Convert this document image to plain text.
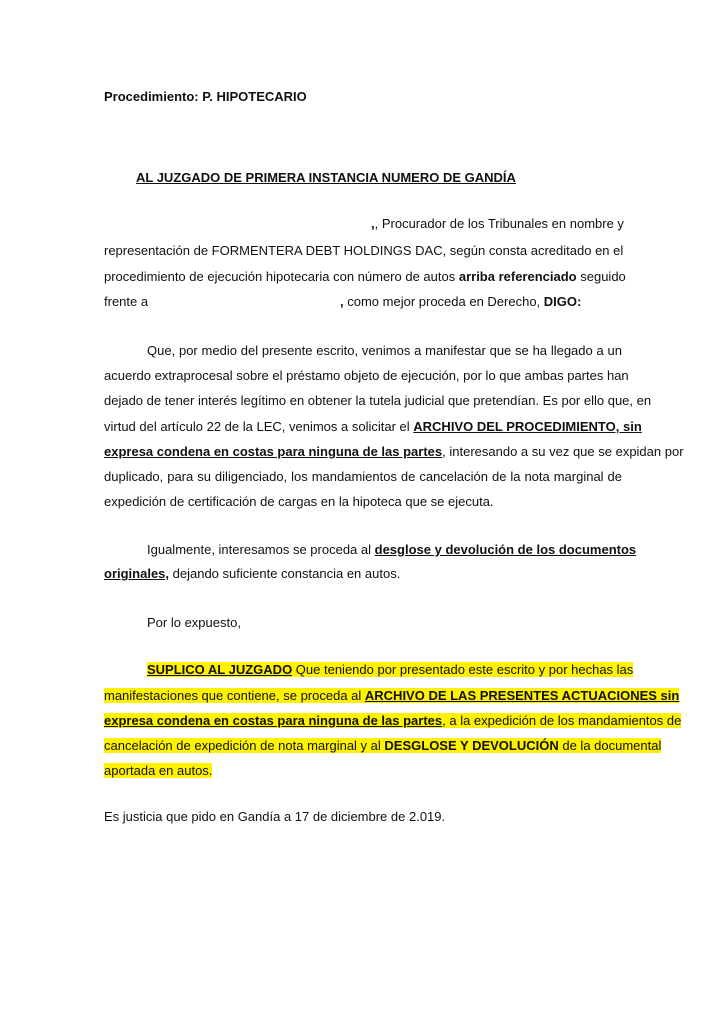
Procedimiento: P. HIPOTECARIO
AL JUZGADO DE PRIMERA INSTANCIA NUMERO DE GANDÍA
,, Procurador de los Tribunales en nombre y
representación de FORMENTERA DEBT HOLDINGS DAC, según consta acreditado en el
procedimiento de ejecución hipotecaria con número de autos arriba referenciado seguido
frente a	, como mejor proceda en Derecho, DIGO:
Que, por medio del presente escrito, venimos a manifestar que se ha llegado a un
acuerdo extraprocesal sobre el préstamo objeto de ejecución, por lo que ambas partes han
dejado de tener interés legítimo en obtener la tutela judicial que pretendían. Es por ello que, en
virtud del artículo 22 de la LEC, venimos a solicitar el ARCHIVO DEL PROCEDIMIENTO, sin
expresa condena en costas para ninguna de las partes, interesando a su vez que se expidan por
duplicado, para su diligenciado, los mandamientos de cancelación de la nota marginal de
expedición de certificación de cargas en la hipoteca que se ejecuta.
Igualmente, interesamos se proceda al desglose y devolución de los documentos
originales, dejando suficiente constancia en autos.
Por lo expuesto,
SUPLICO AL JUZGADO Que teniendo por presentado este escrito y por hechas las
manifestaciones que contiene, se proceda al ARCHIVO DE LAS PRESENTES ACTUACIONES sin
expresa condena en costas para ninguna de las partes, a la expedición de los mandamientos de
cancelación de expedición de nota marginal y al DESGLOSE Y DEVOLUCIÓN de la documental
aportada en autos.
Es justicia que pido en Gandía a 17 de diciembre de 2.019.
